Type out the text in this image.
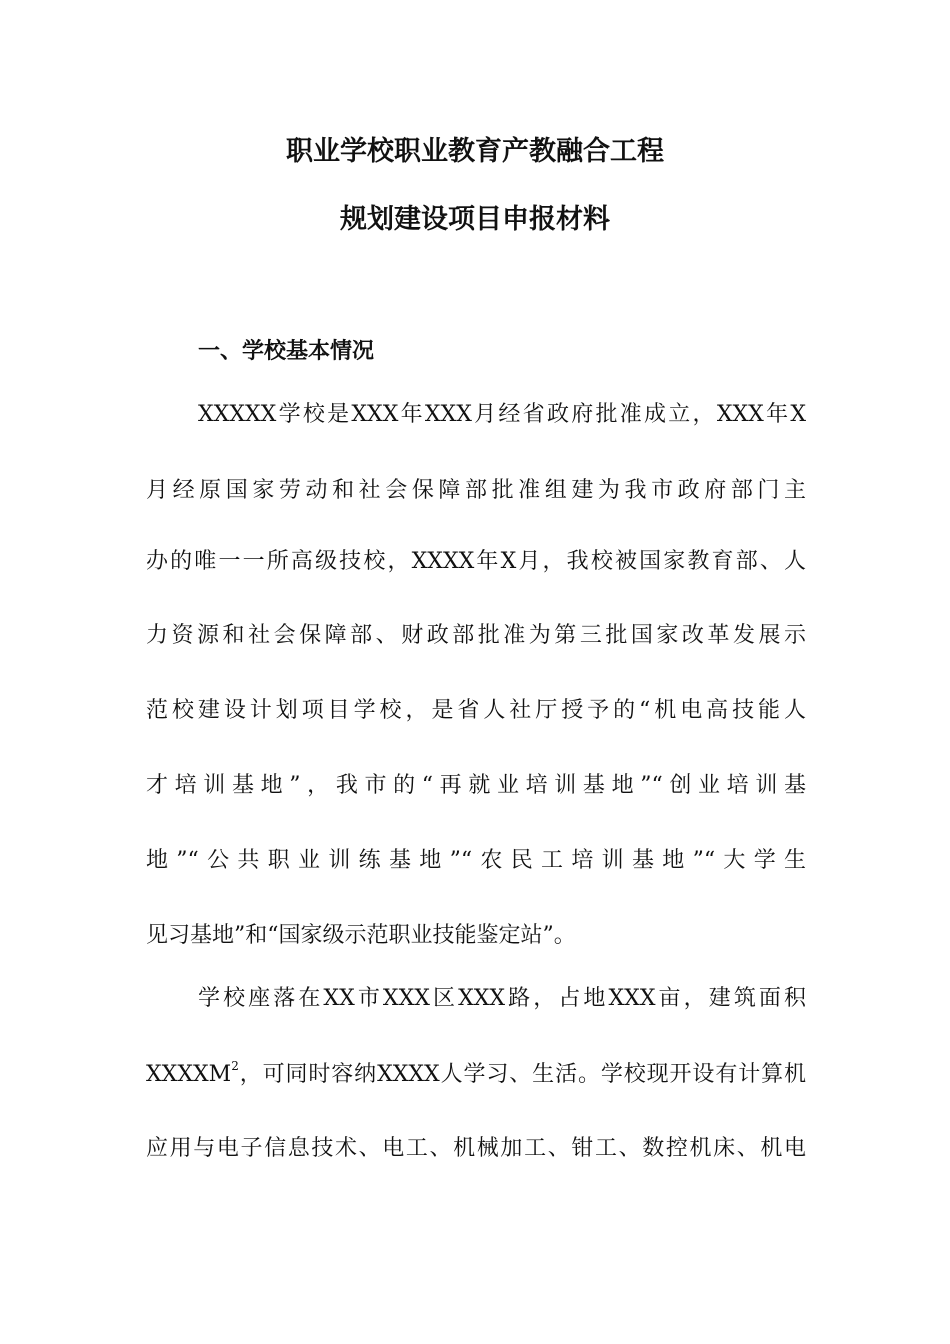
职业学校职业教育产教融合工程
规划建设项目申报材料
一、学校基本情况
XXXXX学校是XXX年XXX月经省政府批准成立，XXX年X
月经原国家劳动和社会保障部批准组建为我市政府部门主
办的唯一一所高级技校，XXXX年X月，我校被国家教育部、人
力资源和社会保障部、财政部批准为第三批国家改革发展示
范校建设计划项目学校，是省人社厅授予的“机电高技能人
才培训基地”，我市的“再就业培训基地”“创业培训基
地”“公共职业训练基地”“农民工培训基地”“大学生
见习基地”和“国家级示范职业技能鉴定站”。
学校座落在XX市XXX区XXX路，占地XXX亩，建筑面积
XXXXM$^2$，可同时容纳XXXX人学习、生活。学校现开设有计算机
应用与电子信息技术、电工、机械加工、钳工、数控机床、机电
